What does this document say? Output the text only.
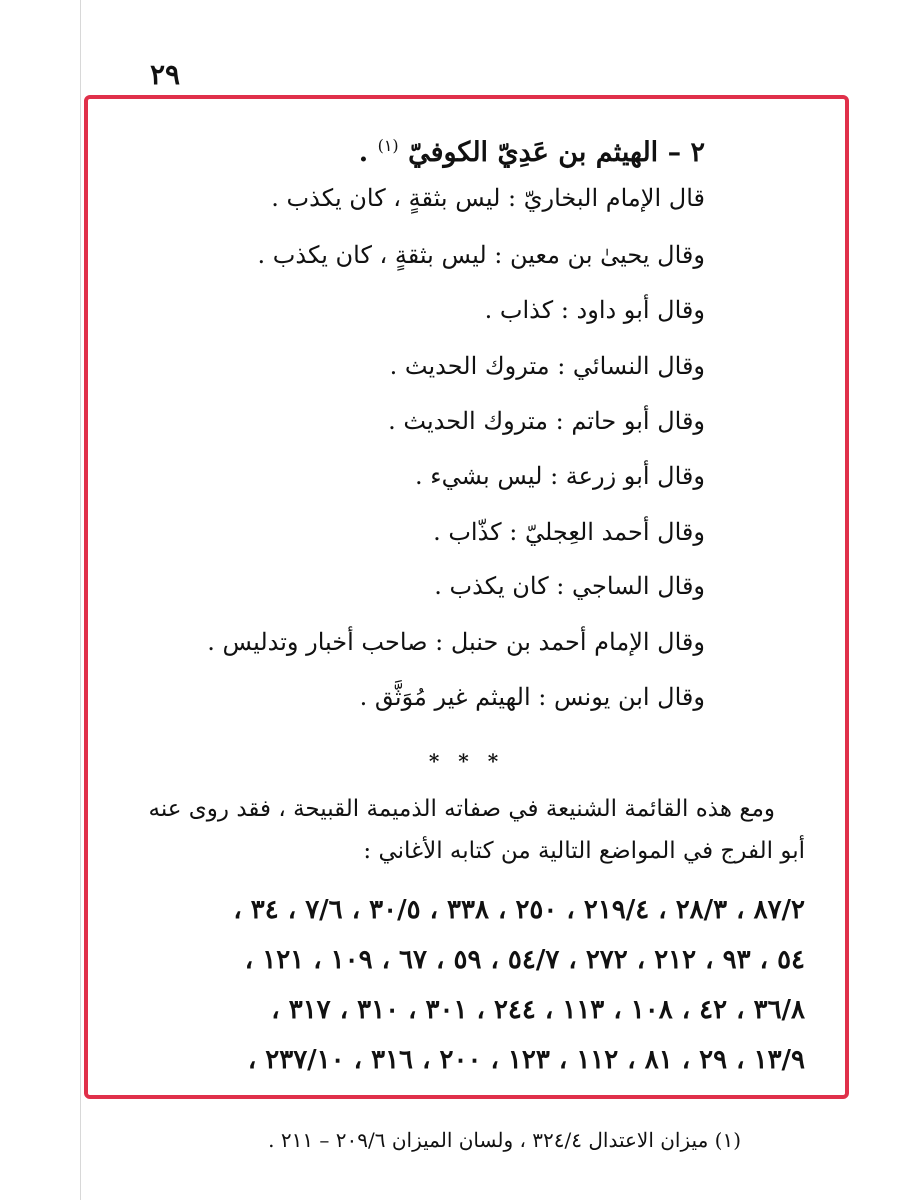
٢٩
٢ – الهيثم بن عَدِيّ الكوفيّ $^{(١)}$ .
قال الإمام البخاريّ : ليس بثقةٍ ، كان يكذب .
وقال يحيىٰ بن معين : ليس بثقةٍ ، كان يكذب .
وقال أبو داود : كذاب .
وقال النسائي : متروك الحديث .
وقال أبو حاتم : متروك الحديث .
وقال أبو زرعة : ليس بشيء .
وقال أحمد العِجليّ : كذّاب .
وقال الساجي : كان يكذب .
وقال الإمام أحمد بن حنبل : صاحب أخبار وتدليس .
وقال ابن يونس : الهيثم غير مُوَثَّق .
* * *
ومع هذه القائمة الشنيعة في صفاته الذميمة القبيحة ، فقد روى عنه
أبو الفرج في المواضع التالية من كتابه الأغاني :
٨٧/٢ ، ٢٨/٣ ، ٢١٩/٤ ، ٢٥٠ ، ٣٣٨ ، ٣٠/٥ ، ٧/٦ ، ٣٤ ،
٥٤ ، ٩٣ ، ٢١٢ ، ٢٧٢ ، ٥٤/٧ ، ٥٩ ، ٦٧ ، ١٠٩ ، ١٢١ ،
٣٦/٨ ، ٤٢ ، ١٠٨ ، ١١٣ ، ٢٤٤ ، ٣٠١ ، ٣١٠ ، ٣١٧ ،
١٣/٩ ، ٢٩ ، ٨١ ، ١١٢ ، ١٢٣ ، ٢٠٠ ، ٣١٦ ، ٢٣٧/١٠ ،
(١) ميزان الاعتدال ٣٢٤/٤ ، ولسان الميزان ٢٠٩/٦ – ٢١١ .
